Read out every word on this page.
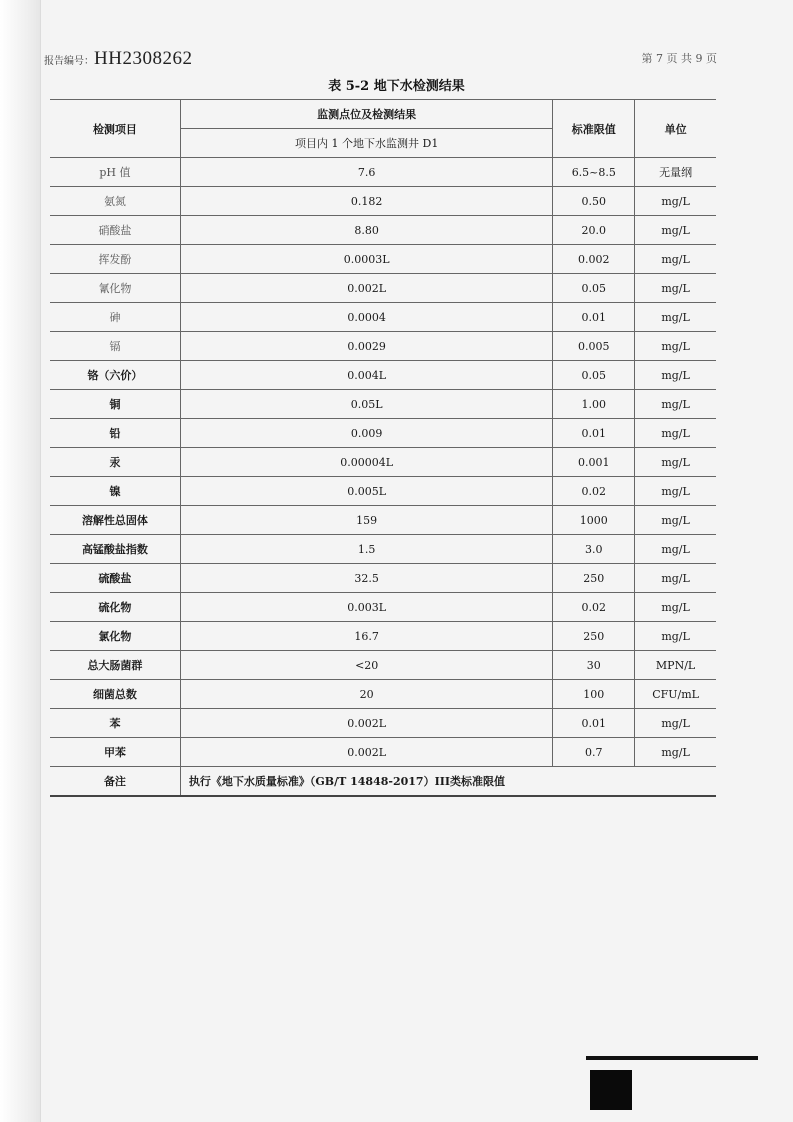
报告编号：HH2308262	第 7 页 共 9 页
表 5-2 地下水检测结果
检测项目	监测点位及检测结果	标准限值	单位
	项目内 1 个地下水监测井 D1		
pH 值	7.6	6.5~8.5	无量纲
氨氮	0.182	0.50	mg/L
硝酸盐	8.80	20.0	mg/L
挥发酚	0.0003L	0.002	mg/L
氰化物	0.002L	0.05	mg/L
砷	0.0004	0.01	mg/L
镉	0.0029	0.005	mg/L
铬（六价）	0.004L	0.05	mg/L
铜	0.05L	1.00	mg/L
铅	0.009	0.01	mg/L
汞	0.00004L	0.001	mg/L
镍	0.005L	0.02	mg/L
溶解性总固体	159	1000	mg/L
高锰酸盐指数	1.5	3.0	mg/L
硫酸盐	32.5	250	mg/L
硫化物	0.003L	0.02	mg/L
氯化物	16.7	250	mg/L
总大肠菌群	<20	30	MPN/L
细菌总数	20	100	CFU/mL
苯	0.002L	0.01	mg/L
甲苯	0.002L	0.7	mg/L
备注	执行《地下水质量标准》（GB/T 14848-2017）III类标准限值		
